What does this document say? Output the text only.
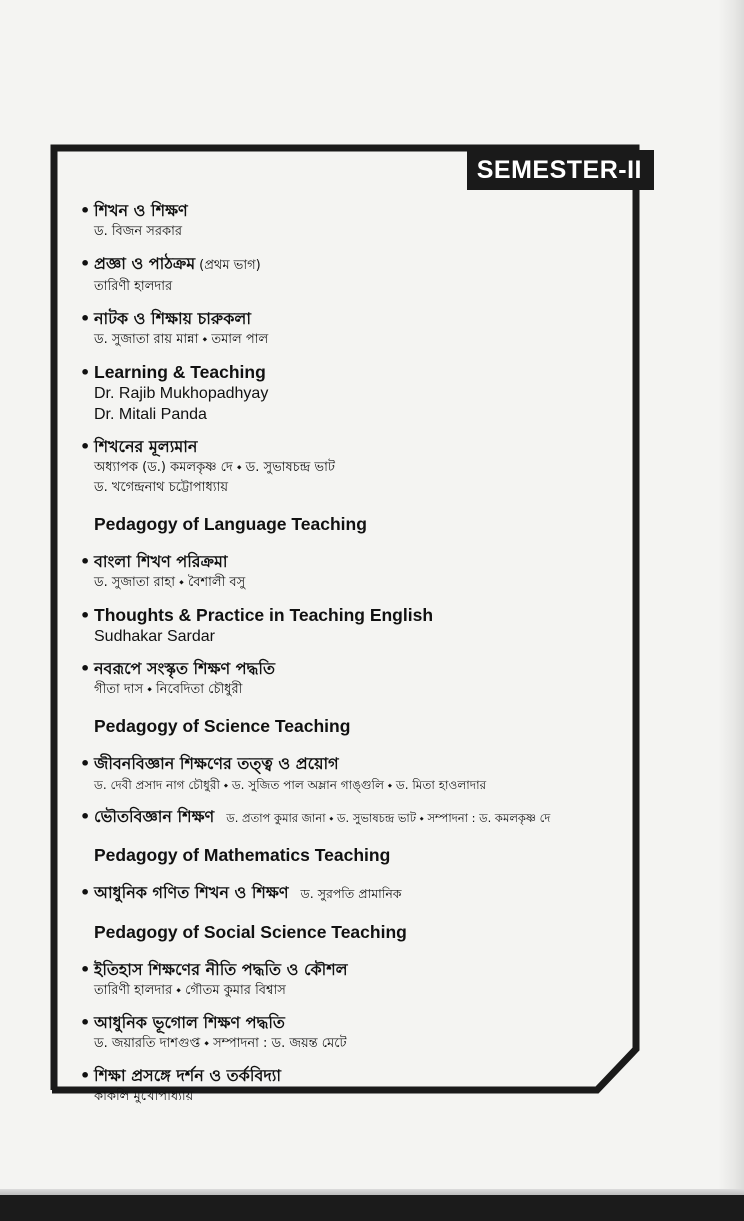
SEMESTER-II
• শিখন ও শিক্ষণ
ড. বিজন সরকার
• প্রজ্ঞা ও পাঠক্রম (প্রথম ভাগ)
তারিণী হালদার
• নাটক ও শিক্ষায় চারুকলা
ড. সুজাতা রায় মান্না ⬩ তমাল পাল
• Learning & Teaching
Dr. Rajib Mukhopadhyay
Dr. Mitali Panda
• শিখনের মূল্যমান
অধ্যাপক (ড.) কমলকৃষ্ণ দে ⬩ ড. সুভাষচন্দ্র ভাট
ড. খগেন্দ্রনাথ চট্টোপাধ্যায়
Pedagogy of Language Teaching
• বাংলা শিখণ পরিক্রমা
ড. সুজাতা রাহা ⬩ বৈশালী বসু
• Thoughts & Practice in Teaching English
Sudhakar Sardar
• নবরূপে সংস্কৃত শিক্ষণ পদ্ধতি
গীতা দাস ⬩ নিবেদিতা চৌধুরী
Pedagogy of Science Teaching
• জীবনবিজ্ঞান শিক্ষণের তত্ত্ব ও প্রয়োগ
ড. দেবী প্রসাদ নাগ চৌধুরী ⬩ ড. সুজিত পাল অম্লান গাঙ্গুলি ⬩ ড. মিতা হাওলাদার
• ভৌতবিজ্ঞান শিক্ষণ ড. প্রতাপ কুমার জানা ⬩ ড. সুভাষচন্দ্র ভাট ⬩ সম্পাদনা : ড. কমলকৃষ্ণ দে
Pedagogy of Mathematics Teaching
• আধুনিক গণিত শিখন ও শিক্ষণ ড. সুরপতি প্রামানিক
Pedagogy of Social Science Teaching
• ইতিহাস শিক্ষণের নীতি পদ্ধতি ও কৌশল
তারিণী হালদার ⬩ গৌতম কুমার বিশ্বাস
• আধুনিক ভূগোল শিক্ষণ পদ্ধতি
ড. জয়ারতি দাশগুপ্ত ⬩ সম্পাদনা : ড. জয়ন্ত মেটে
• শিক্ষা প্রসঙ্গে দর্শন ও তর্কবিদ্যা
কাকলি মুখোপাধ্যায়
